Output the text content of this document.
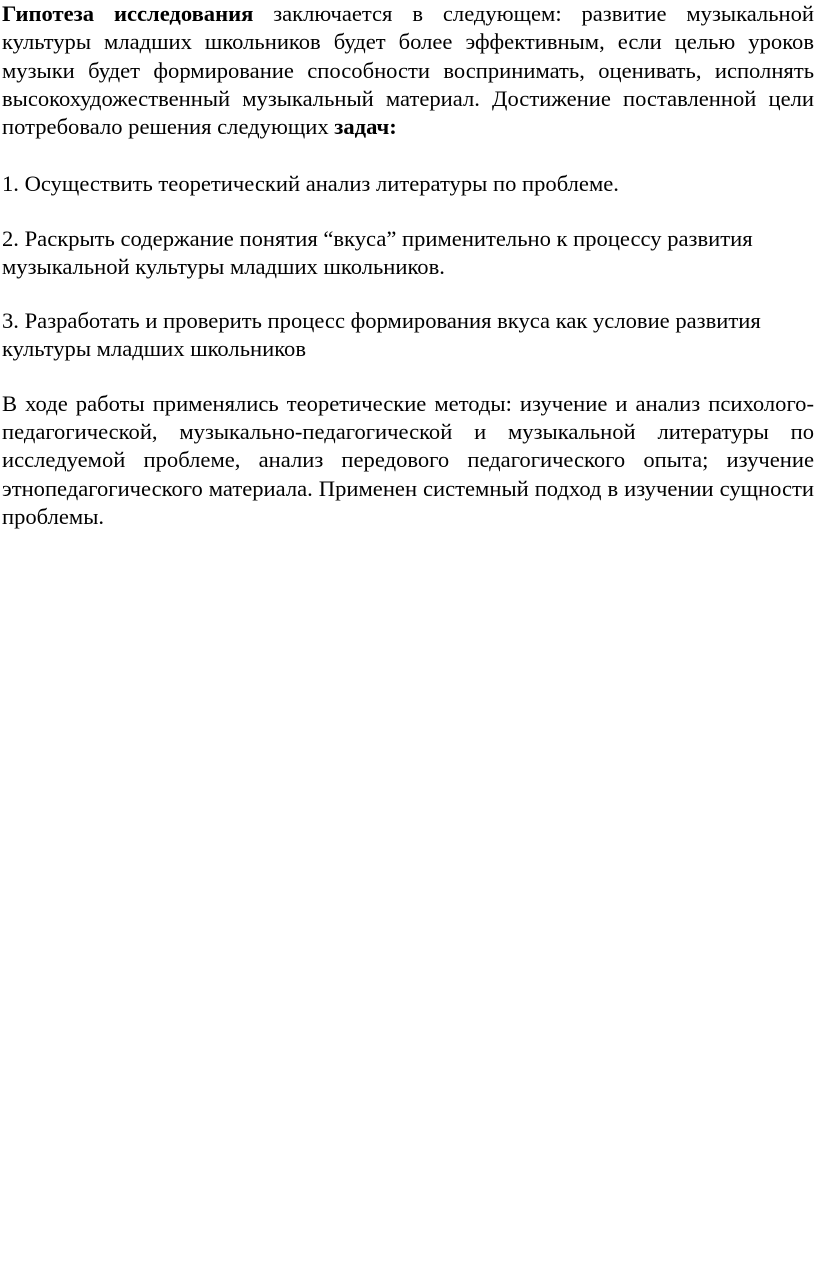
Гипотеза исследования заключается в следующем: развитие музыкальной культуры младших школьников будет более эффективным, если целью уроков музыки будет формирование способности воспринимать, оценивать, исполнять высокохудожественный музыкальный материал. Достижение поставленной цели потребовало решения следующих задач:

1. Осуществить теоретический анализ литературы по проблеме.

2. Раскрыть содержание понятия “вкуса” применительно к процессу развития музыкальной культуры младших школьников.

3. Разработать и проверить процесс формирования вкуса как условие развития культуры младших школьников

В ходе работы применялись теоретические методы: изучение и анализ психолого-педагогической, музыкально-педагогической и музыкальной литературы по исследуемой проблеме, анализ передового педагогического опыта; изучение этнопедагогического материала. Применен системный подход в изучении сущности проблемы.
